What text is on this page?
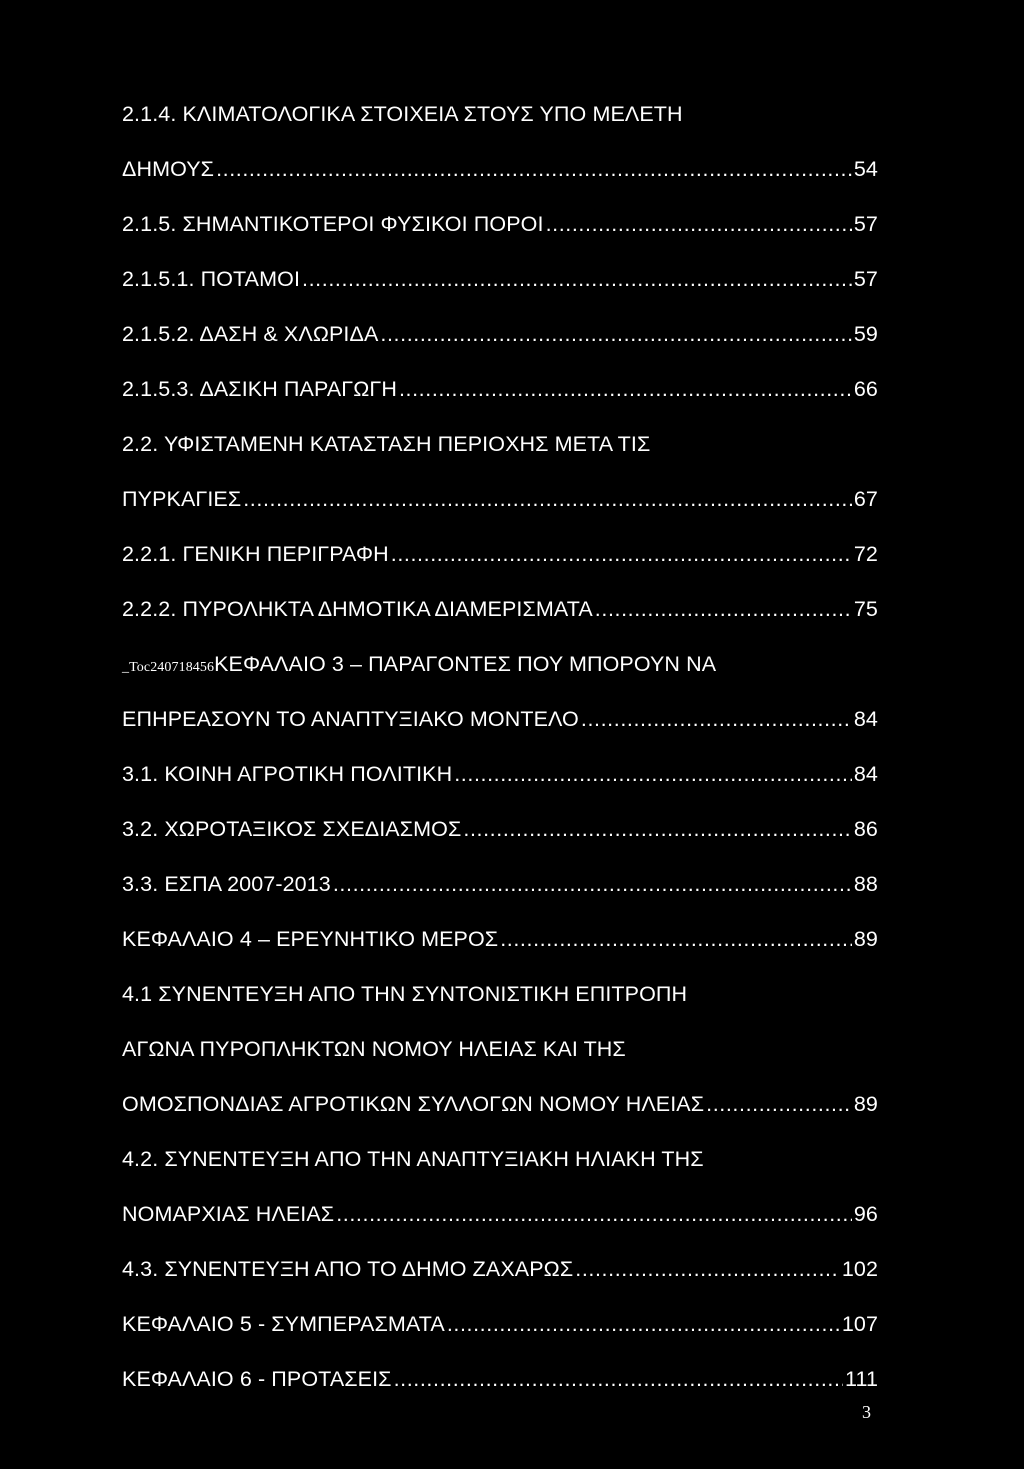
2.1.4. ΚΛΙΜΑΤΟΛΟΓΙΚΑ ΣΤΟΙΧΕΙΑ ΣΤΟΥΣ ΥΠΟ ΜΕΛΕΤΗ
ΔΗΜΟΥΣ .....	54
2.1.5. ΣΗΜΑΝΤΙΚΟΤΕΡΟΙ ΦΥΣΙΚΟΙ ΠΟΡΟΙ .....	57
2.1.5.1. ΠΟΤΑΜΟΙ .....	57
2.1.5.2. ΔΑΣΗ & ΧΛΩΡΙΔΑ .....	59
2.1.5.3. ΔΑΣΙΚΗ ΠΑΡΑΓΩΓΗ .....	66
2.2. ΥΦΙΣΤΑΜΕΝΗ ΚΑΤΑΣΤΑΣΗ ΠΕΡΙΟΧΗΣ ΜΕΤΑ ΤΙΣ
ΠΥΡΚΑΓΙΕΣ .....	67
2.2.1. ΓΕΝΙΚΗ ΠΕΡΙΓΡΑΦΗ .....	72
2.2.2. ΠΥΡΟΛΗΚΤΑ ΔΗΜΟΤΙΚΑ ΔΙΑΜΕΡΙΣΜΑΤΑ .....	75
_Toc240718456ΚΕΦΑΛΑΙΟ 3 – ΠΑΡΑΓΟΝΤΕΣ ΠΟΥ ΜΠΟΡΟΥΝ ΝΑ
ΕΠΗΡΕΑΣΟΥΝ ΤΟ ΑΝΑΠΤΥΞΙΑΚΟ ΜΟΝΤΕΛΟ .....	84
3.1. ΚΟΙΝΗ ΑΓΡΟΤΙΚΗ ΠΟΛΙΤΙΚΗ .....	84
3.2. ΧΩΡΟΤΑΞΙΚΟΣ ΣΧΕΔΙΑΣΜΟΣ .....	86
3.3. ΕΣΠΑ 2007-2013 .....	88
ΚΕΦΑΛΑΙΟ 4 – ΕΡΕΥΝΗΤΙΚΟ ΜΕΡΟΣ .....	89
4.1 ΣΥΝΕΝΤΕΥΞΗ ΑΠΟ ΤΗΝ ΣΥΝΤΟΝΙΣΤΙΚΗ ΕΠΙΤΡΟΠΗ
ΑΓΩΝΑ ΠΥΡΟΠΛΗΚΤΩΝ ΝΟΜΟΥ ΗΛΕΙΑΣ ΚΑΙ ΤΗΣ
ΟΜΟΣΠΟΝΔΙΑΣ ΑΓΡΟΤΙΚΩΝ ΣΥΛΛΟΓΩΝ ΝΟΜΟΥ ΗΛΕΙΑΣ .....	89
4.2. ΣΥΝΕΝΤΕΥΞΗ ΑΠΟ ΤΗΝ ΑΝΑΠΤΥΞΙΑΚΗ ΗΛΙΑΚΗ ΤΗΣ
ΝΟΜΑΡΧΙΑΣ ΗΛΕΙΑΣ .....	96
4.3. ΣΥΝΕΝΤΕΥΞΗ ΑΠΟ ΤΟ ΔΗΜΟ ΖΑΧΑΡΩΣ .....	102
ΚΕΦΑΛΑΙΟ 5 - ΣΥΜΠΕΡΑΣΜΑΤΑ .....	107
ΚΕΦΑΛΑΙΟ 6 - ΠΡΟΤΑΣΕΙΣ .....	111
3
